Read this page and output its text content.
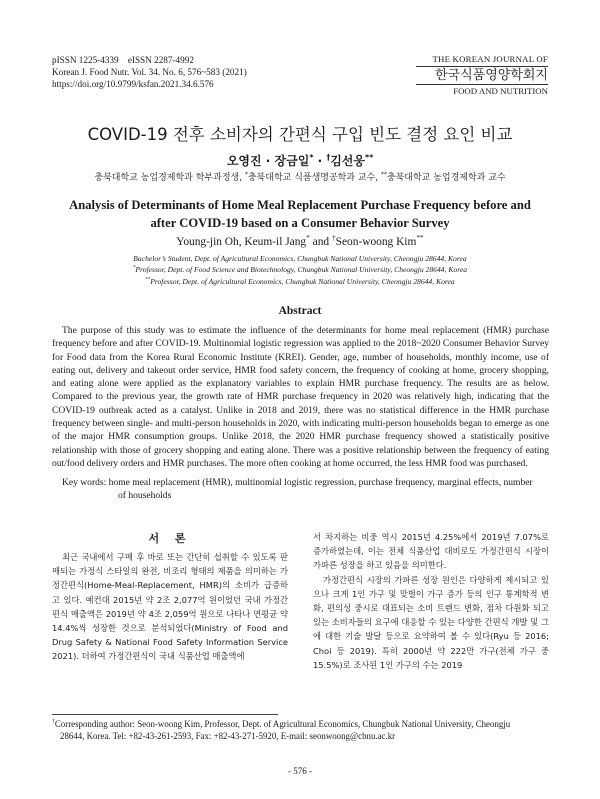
pISSN 1225-4339 eISSN 2287-4992
Korean J. Food Nutr. Vol. 34. No. 6, 576~583 (2021)
https://doi.org/10.9799/ksfan.2021.34.6.576
THE KOREAN JOURNAL OF
한국식품영양학회지
FOOD AND NUTRITION
COVID-19 전후 소비자의 간편식 구입 빈도 결정 요인 비교
오영진 · 장금일* · †김선웅**
충북대학교 농업경제학과 학부과정생, *충북대학교 식품생명공학과 교수, **충북대학교 농업경제학과 교수
Analysis of Determinants of Home Meal Replacement Purchase Frequency before and
after COVID-19 based on a Consumer Behavior Survey
Young-jin Oh, Keum-il Jang* and †Seon-woong Kim**
Bachelor’s Student, Dept. of Agricultural Economics, Chungbuk National University, Cheongju 28644, Korea
*Professor, Dept. of Food Science and Biotechnology, Chungbuk National University, Cheongju 28644, Korea
**Professor, Dept. of Agricultural Economics, Chungbuk National University, Cheongju 28644, Korea
Abstract
The purpose of this study was to estimate the influence of the determinants for home meal replacement (HMR) purchase frequency before and after COVID-19. Multinomial logistic regression was applied to the 2018~2020 Consumer Behavior Survey for Food data from the Korea Rural Economic Institute (KREI). Gender, age, number of households, monthly income, use of eating out, delivery and takeout order service, HMR food safety concern, the frequency of cooking at home, grocery shopping, and eating alone were applied as the explanatory variables to explain HMR purchase frequency. The results are as below. Compared to the previous year, the growth rate of HMR purchase frequency in 2020 was relatively high, indicating that the COVID-19 outbreak acted as a catalyst. Unlike in 2018 and 2019, there was no statistical difference in the HMR purchase frequency between single- and multi-person households in 2020, with indicating multi-person households began to emerge as one of the major HMR consumption groups. Unlike 2018, the 2020 HMR purchase frequency showed a statistically positive relationship with those of grocery shopping and eating alone. There was a positive relationship between the frequency of eating out/food delivery orders and HMR purchases. The more often cooking at home occurred, the less HMR food was purchased.
Key words: home meal replacement (HMR), multinomial logistic regression, purchase frequency, marginal effects, number
of households
서 론

최근 국내에서 구매 후 바로 또는 간단히 섭취할 수 있도록 판매되는 가정식 스타일의 완전, 비조리 형태의 제품을 의미하는 가정간편식(Home-Meal-Replacement, HMR)의 소비가 급증하고 있다. 예컨대 2015년 약 2조 2,077억 원이었던 국내 가정간편식 매출액은 2019년 약 4조 2,059억 원으로 나타나 연평균 약 14.4%씩 성장한 것으로 분석되었다(Ministry of Food and Drug Safety & National Food Safety Information Service 2021). 더하여 가정간편식이 국내 식품산업 매출액에

서 차지하는 비중 역시 2015년 4.25%에서 2019년 7.07%로 증가하였는데, 이는 전체 식품산업 대비로도 가정간편식 시장이 가파른 성장을 하고 있음을 의미한다.

가정간편식 시장의 가파른 성장 원인은 다양하게 제시되고 있으나 크게 1인 가구 및 맞벌이 가구 증가 등의 인구 통계학적 변화, 편의성 중시로 대표되는 소비 트렌드 변화, 점차 다원화 되고 있는 소비자들의 요구에 대응할 수 있는 다양한 간편식 개발 및 그에 대한 기술 발달 등으로 요약하여 볼 수 있다(Ryu 등 2016; Choi 등 2019). 특히 2000년 약 222만 가구(전체 가구 중 15.5%)로 조사된 1인 가구의 수는 2019

†Corresponding author: Seon-woong Kim, Professor, Dept. of Agricultural Economics, Chungbuk National University, Cheongju
28644, Korea. Tel: +82-43-261-2593, Fax: +82-43-271-5920, E-mail: seonwoong@cbnu.ac.kr
- 576 -
